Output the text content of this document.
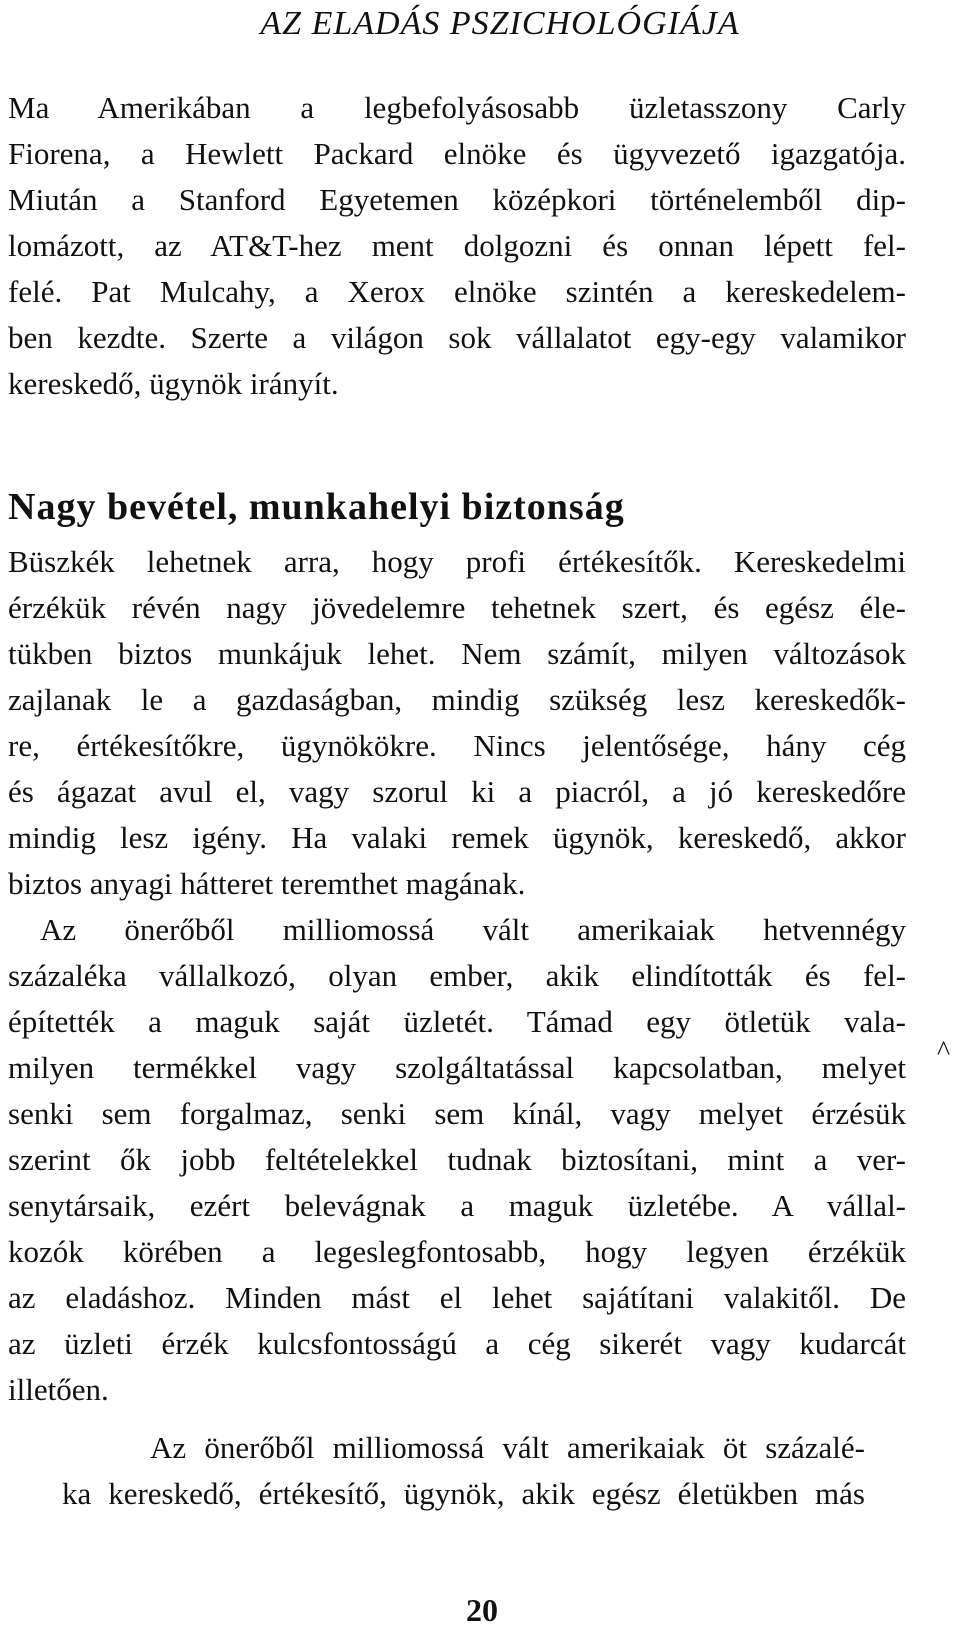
AZ ELADÁS PSZICHOLÓGIÁJA
Ma Amerikában a legbefolyásosabb üzletasszony Carly
Fiorena, a Hewlett Packard elnöke és ügyvezető igazgatója.
Miután a Stanford Egyetemen középkori történelemből dip-
lomázott, az AT&T-hez ment dolgozni és onnan lépett fel-
felé. Pat Mulcahy, a Xerox elnöke szintén a kereskedelem-
ben kezdte. Szerte a világon sok vállalatot egy-egy valamikor
kereskedő, ügynök irányít.
Nagy bevétel, munkahelyi biztonság
Büszkék lehetnek arra, hogy profi értékesítők. Kereskedelmi
érzékük révén nagy jövedelemre tehetnek szert, és egész éle-
tükben biztos munkájuk lehet. Nem számít, milyen változások
zajlanak le a gazdaságban, mindig szükség lesz kereskedők-
re, értékesítőkre, ügynökökre. Nincs jelentősége, hány cég
és ágazat avul el, vagy szorul ki a piacról, a jó kereskedőre
mindig lesz igény. Ha valaki remek ügynök, kereskedő, akkor
biztos anyagi hátteret teremthet magának.
Az önerőből milliomossá vált amerikaiak hetvennégy
százaléka vállalkozó, olyan ember, akik elindították és fel-
építették a maguk saját üzletét. Támad egy ötletük vala-
milyen termékkel vagy szolgáltatással kapcsolatban, melyet
senki sem forgalmaz, senki sem kínál, vagy melyet érzésük
szerint ők jobb feltételekkel tudnak biztosítani, mint a ver-
senytársaik, ezért belevágnak a maguk üzletébe. A vállal-
kozók körében a legeslegfontosabb, hogy legyen érzékük
az eladáshoz. Minden mást el lehet sajátítani valakitől. De
az üzleti érzék kulcsfontosságú a cég sikerét vagy kudarcát
illetően.
^
Az önerőből milliomossá vált amerikaiak öt százalé-
ka kereskedő, értékesítő, ügynök, akik egész életükben más
20
